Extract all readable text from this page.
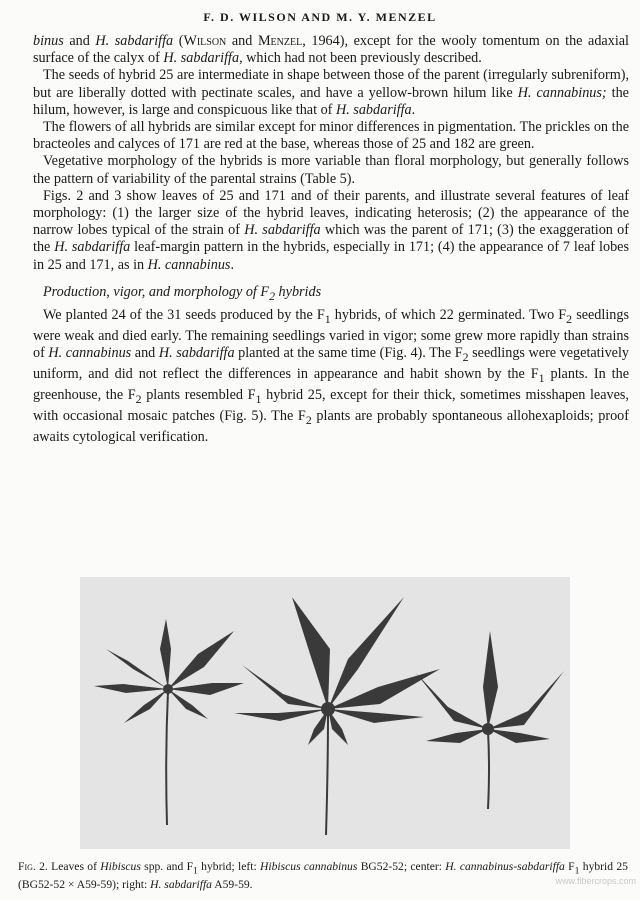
F. D. WILSON AND M. Y. MENZEL

binus and H. sabdariffa (Wilson and Menzel, 1964), except for the wooly tomentum on the adaxial surface of the calyx of H. sabdariffa, which had not been previously described.

The seeds of hybrid 25 are intermediate in shape between those of the parent (irregularly subreniform), but are liberally dotted with pectinate scales, and have a yellow-brown hilum like H. cannabinus; the hilum, however, is large and conspicuous like that of H. sabdariffa.

The flowers of all hybrids are similar except for minor differences in pigmentation. The prickles on the bracteoles and calyces of 171 are red at the base, whereas those of 25 and 182 are green.

Vegetative morphology of the hybrids is more variable than floral morphology, but generally follows the pattern of variability of the parental strains (Table 5).

Figs. 2 and 3 show leaves of 25 and 171 and of their parents, and illustrate several features of leaf morphology: (1) the larger size of the hybrid leaves, indicating heterosis; (2) the appearance of the narrow lobes typical of the strain of H. sabdariffa which was the parent of 171; (3) the exaggeration of the H. sabdariffa leaf-margin pattern in the hybrids, especially in 171; (4) the appearance of 7 leaf lobes in 25 and 171, as in H. cannabinus.

Production, vigor, and morphology of $F_2$ hybrids

We planted 24 of the 31 seeds produced by the $F_1$ hybrids, of which 22 germinated. Two $F_2$ seedlings were weak and died early. The remaining seedlings varied in vigor; some grew more rapidly than strains of H. cannabinus and H. sabdariffa planted at the same time (Fig. 4). The $F_2$ seedlings were vegetatively uniform, and did not reflect the differences in appearance and habit shown by the $F_1$ plants. In the greenhouse, the $F_2$ plants resembled $F_1$ hybrid 25, except for their thick, sometimes misshapen leaves, with occasional mosaic patches (Fig. 5). The $F_2$ plants are probably spontaneous allohexaploids; proof awaits cytological verification.

Fig. 2. Leaves of Hibiscus spp. and $F_1$ hybrid; left: Hibiscus cannabinus BG52-52; center: H. cannabinus-sabdariffa $F_1$ hybrid 25 (BG52-52 × A59-59); right: H. sabdariffa A59-59.	www.fibercrops.com
